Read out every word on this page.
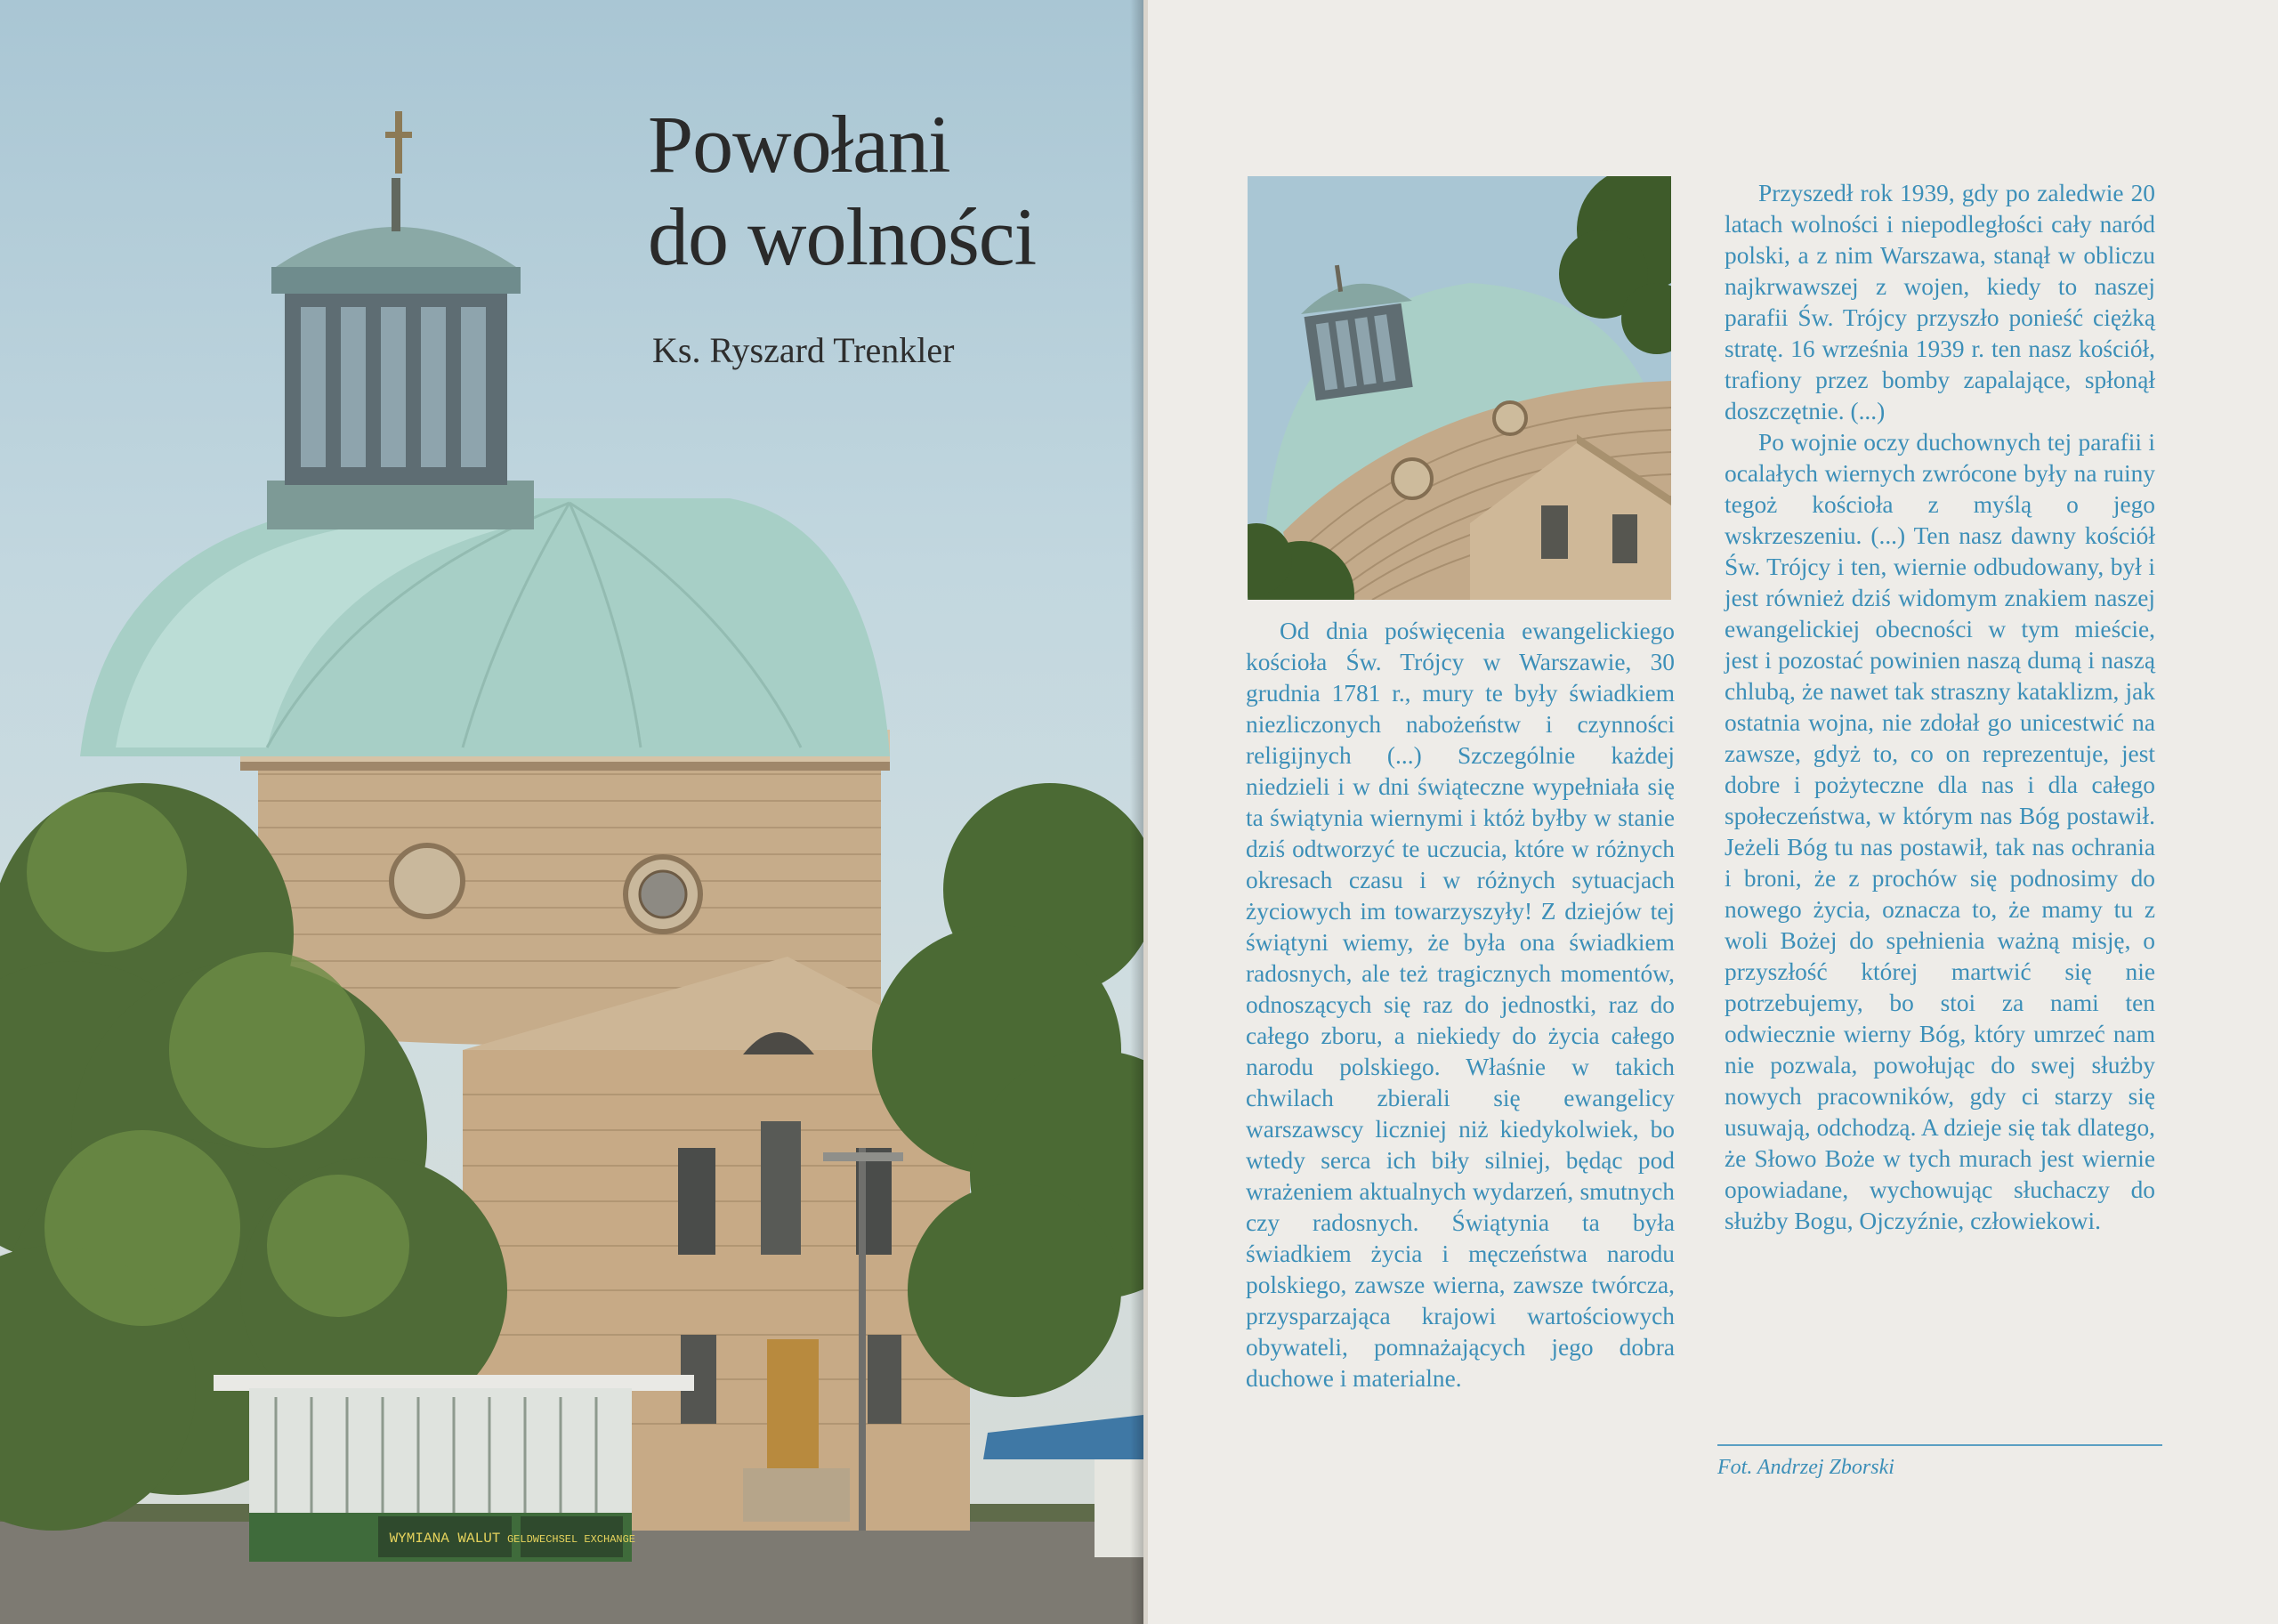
WYMIANA WALUT GELDWECHSEL EXCHANGE
Powołani
do wolności
Ks. Ryszard Trenkler

Od dnia poświęcenia ewangelickiego kościoła Św. Trójcy w Warszawie, 30 grudnia 1781 r., mury te były świadkiem niezliczonych nabożeństw i czynności religijnych (...) Szczególnie każdej niedzieli i w dni świąteczne wypełniała się ta świątynia wiernymi i któż byłby w stanie dziś odtworzyć te uczucia, które w różnych okresach czasu i w różnych sytuacjach życiowych im towarzyszyły! Z dziejów tej świątyni wiemy, że była ona świadkiem radosnych, ale też tragicznych momentów, odnoszących się raz do jednostki, raz do całego zboru, a niekiedy do życia całego narodu polskiego. Właśnie w takich chwilach zbierali się ewangelicy warszawscy liczniej niż kiedykolwiek, bo wtedy serca ich biły silniej, będąc pod wrażeniem aktualnych wydarzeń, smutnych czy radosnych. Świątynia ta była świadkiem życia i męczeństwa narodu polskiego, zawsze wierna, zawsze twórcza, przysparzająca krajowi wartościowych obywateli, pomnażających jego dobra duchowe i materialne.

Przyszedł rok 1939, gdy po zaledwie 20 latach wolności i niepodległości cały naród polski, a z nim Warszawa, stanął w obliczu najkrwawszej z wojen, kiedy to naszej parafii Św. Trójcy przyszło ponieść ciężką stratę. 16 września 1939 r. ten nasz kościół, trafiony przez bomby zapalające, spłonął doszczętnie. (...)

Po wojnie oczy duchownych tej parafii i ocalałych wiernych zwrócone były na ruiny tegoż kościoła z myślą o jego wskrzeszeniu. (...) Ten nasz dawny kościół Św. Trójcy i ten, wiernie odbudowany, był i jest również dziś widomym znakiem naszej ewangelickiej obecności w tym mieście, jest i pozostać powinien naszą dumą i naszą chlubą, że nawet tak straszny kataklizm, jak ostatnia wojna, nie zdołał go unicestwić na zawsze, gdyż to, co on reprezentuje, jest dobre i pożyteczne dla nas i dla całego społeczeństwa, w którym nas Bóg postawił. Jeżeli Bóg tu nas postawił, tak nas ochrania i broni, że z prochów się podnosimy do nowego życia, oznacza to, że mamy tu z woli Bożej do spełnienia ważną misję, o przyszłość której martwić się nie potrzebujemy, bo stoi za nami ten odwiecznie wierny Bóg, który umrzeć nam nie pozwala, powołując do swej służby nowych pracowników, gdy ci starzy się usuwają, odchodzą. A dzieje się tak dlatego, że Słowo Boże w tych murach jest wiernie opowiadane, wychowując słuchaczy do służby Bogu, Ojczyźnie, człowiekowi.

Fot. Andrzej Zborski
